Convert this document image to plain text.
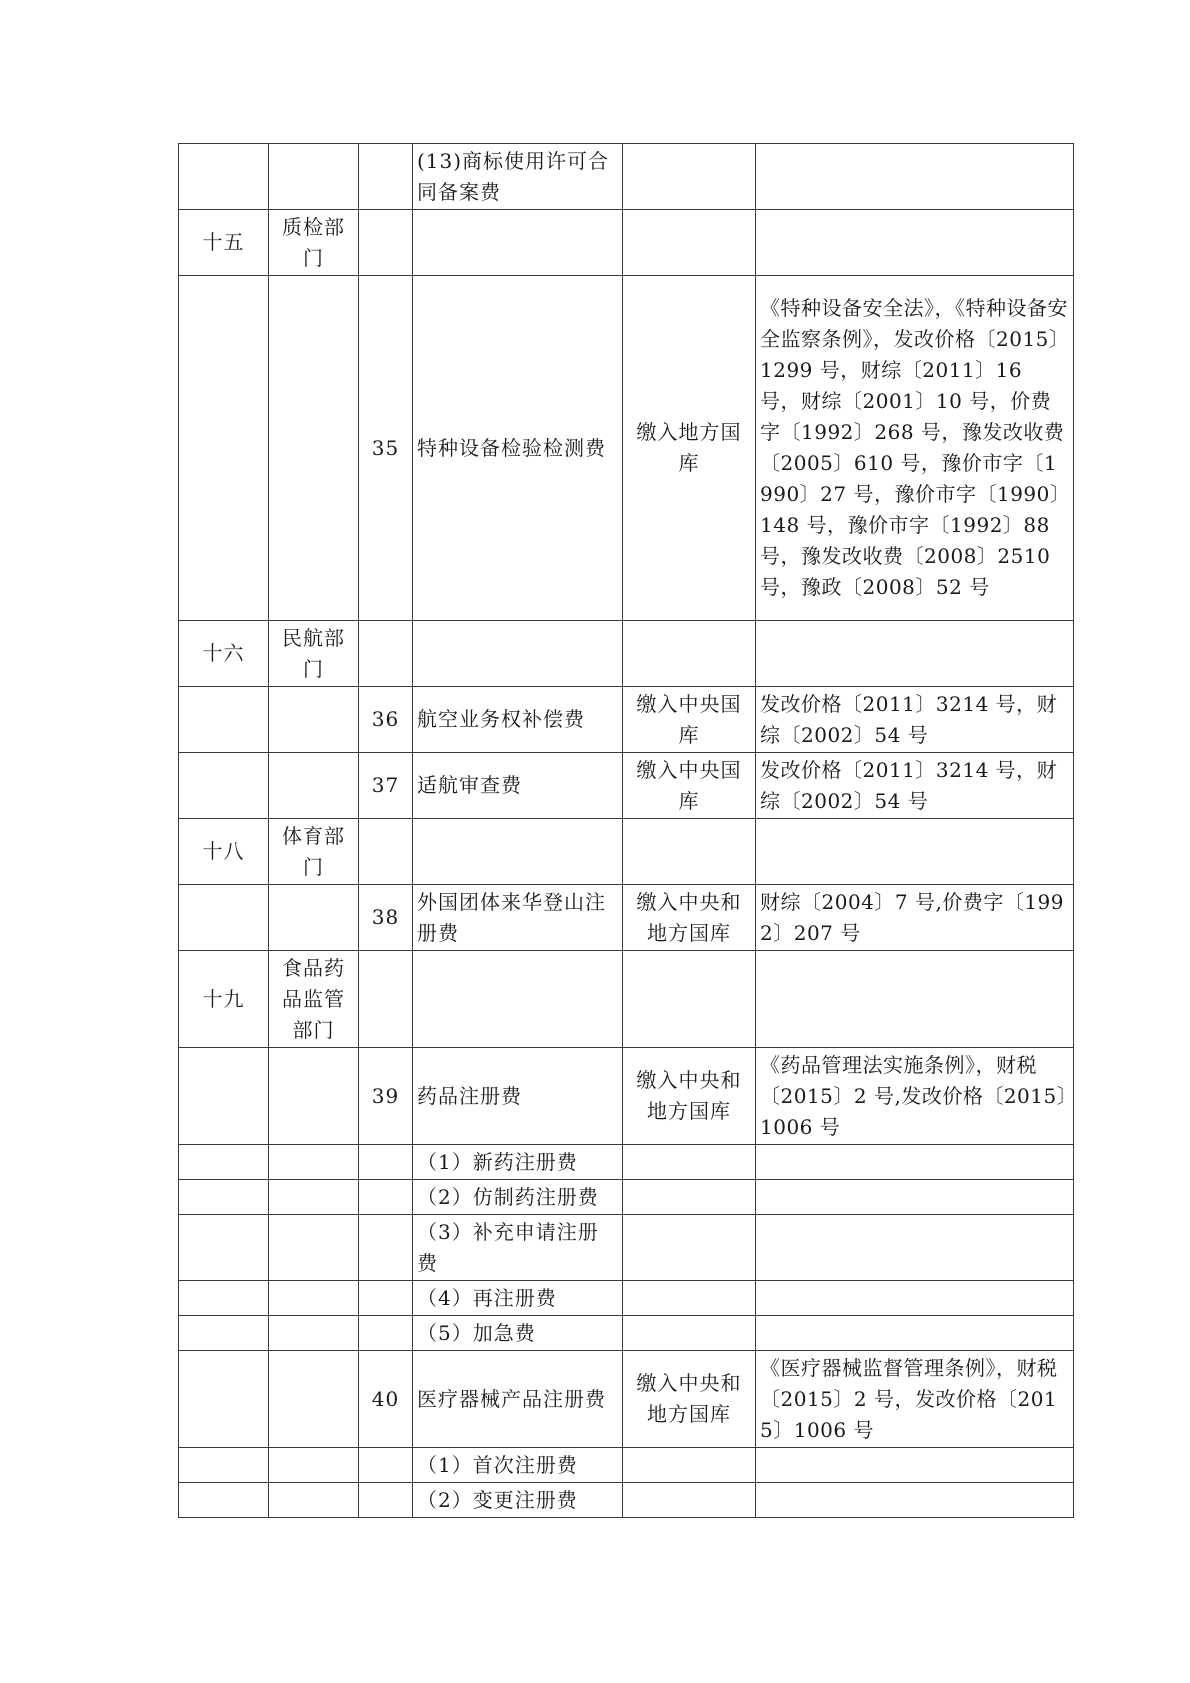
			(13)商标使用许可合同备案费		
十五	质检部门				
		35	特种设备检验检测费	缴入地方国库	《特种设备安全法》，《特种设备安全监察条例》，发改价格〔2015〕1299 号，财综〔2011〕16 号，财综〔2001〕10 号，价费字〔1992〕268 号，豫发改收费〔2005〕610 号，豫价市字〔1990〕27 号，豫价市字〔1990〕148 号，豫价市字〔1992〕88 号，豫发改收费〔2008〕2510 号，豫政〔2008〕52 号
十六	民航部门				
		36	航空业务权补偿费	缴入中央国库	发改价格〔2011〕3214 号，财综〔2002〕54 号
		37	适航审查费	缴入中央国库	发改价格〔2011〕3214 号，财综〔2002〕54 号
十八	体育部门				
		38	外国团体来华登山注册费	缴入中央和地方国库	财综〔2004〕7 号,价费字〔1992〕207 号
十九	食品药品监管部门				
		39	药品注册费	缴入中央和地方国库	《药品管理法实施条例》，财税〔2015〕2 号,发改价格〔2015〕1006 号
			（1）新药注册费		
			（2）仿制药注册费		
			（3）补充申请注册费		
			（4）再注册费		
			（5）加急费		
		40	医疗器械产品注册费	缴入中央和地方国库	《医疗器械监督管理条例》，财税〔2015〕2 号，发改价格〔2015〕1006 号
			（1）首次注册费		
			（2）变更注册费		
